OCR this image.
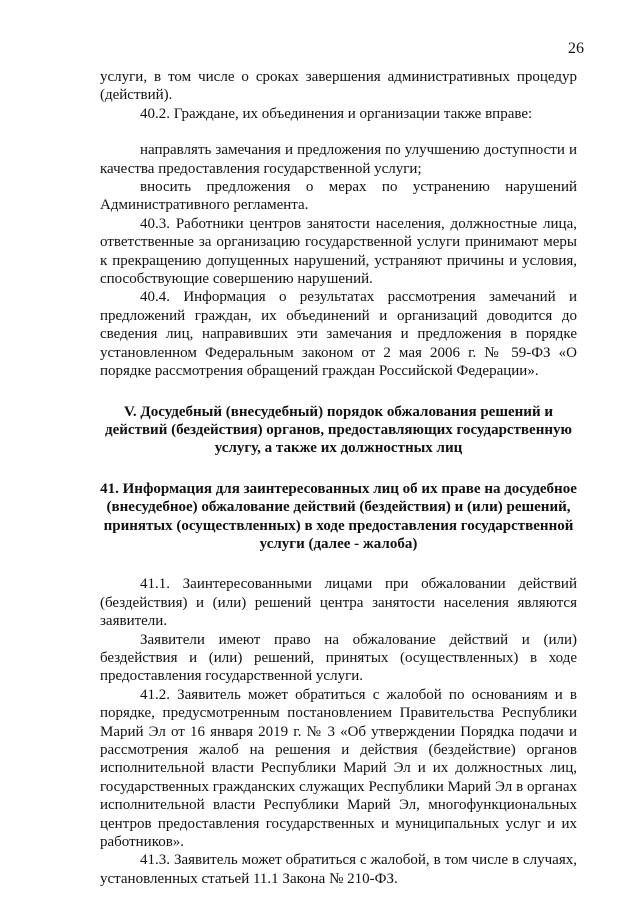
26

услуги, в том числе о сроках завершения административных процедур (действий).

40.2. Граждане, их объединения и организации также вправе:

направлять замечания и предложения по улучшению доступности и качества предоставления государственной услуги;

вносить предложения о мерах по устранению нарушений Административного регламента.

40.3. Работники центров занятости населения, должностные лица, ответственные за организацию государственной услуги принимают меры к прекращению допущенных нарушений, устраняют причины и условия, способствующие совершению нарушений.

40.4. Информация о результатах рассмотрения замечаний и предложений граждан, их объединений и организаций доводится до сведения лиц, направивших эти замечания и предложения в порядке установленном Федеральным законом от 2 мая 2006 г. № 59-ФЗ «О порядке рассмотрения обращений граждан Российской Федерации».

V. Досудебный (внесудебный) порядок обжалования решений и действий (бездействия) органов, предоставляющих государственную услугу, а также их должностных лиц
41. Информация для заинтересованных лиц об их праве на досудебное (внесудебное) обжалование действий (бездействия) и (или) решений, принятых (осуществленных) в ходе предоставления государственной услуги (далее - жалоба)

41.1. Заинтересованными лицами при обжаловании действий (бездействия) и (или) решений центра занятости населения являются заявители.

Заявители имеют право на обжалование действий и (или) бездействия и (или) решений, принятых (осуществленных) в ходе предоставления государственной услуги.

41.2. Заявитель может обратиться с жалобой по основаниям и в порядке, предусмотренным постановлением Правительства Республики Марий Эл от 16 января 2019 г. № 3 «Об утверждении Порядка подачи и рассмотрения жалоб на решения и действия (бездействие) органов исполнительной власти Республики Марий Эл и их должностных лиц, государственных гражданских служащих Республики Марий Эл в органах исполнительной власти Республики Марий Эл, многофункциональных центров предоставления государственных и муниципальных услуг и их работников».

41.3. Заявитель может обратиться с жалобой, в том числе в случаях, установленных статьей 11.1 Закона № 210-ФЗ.
